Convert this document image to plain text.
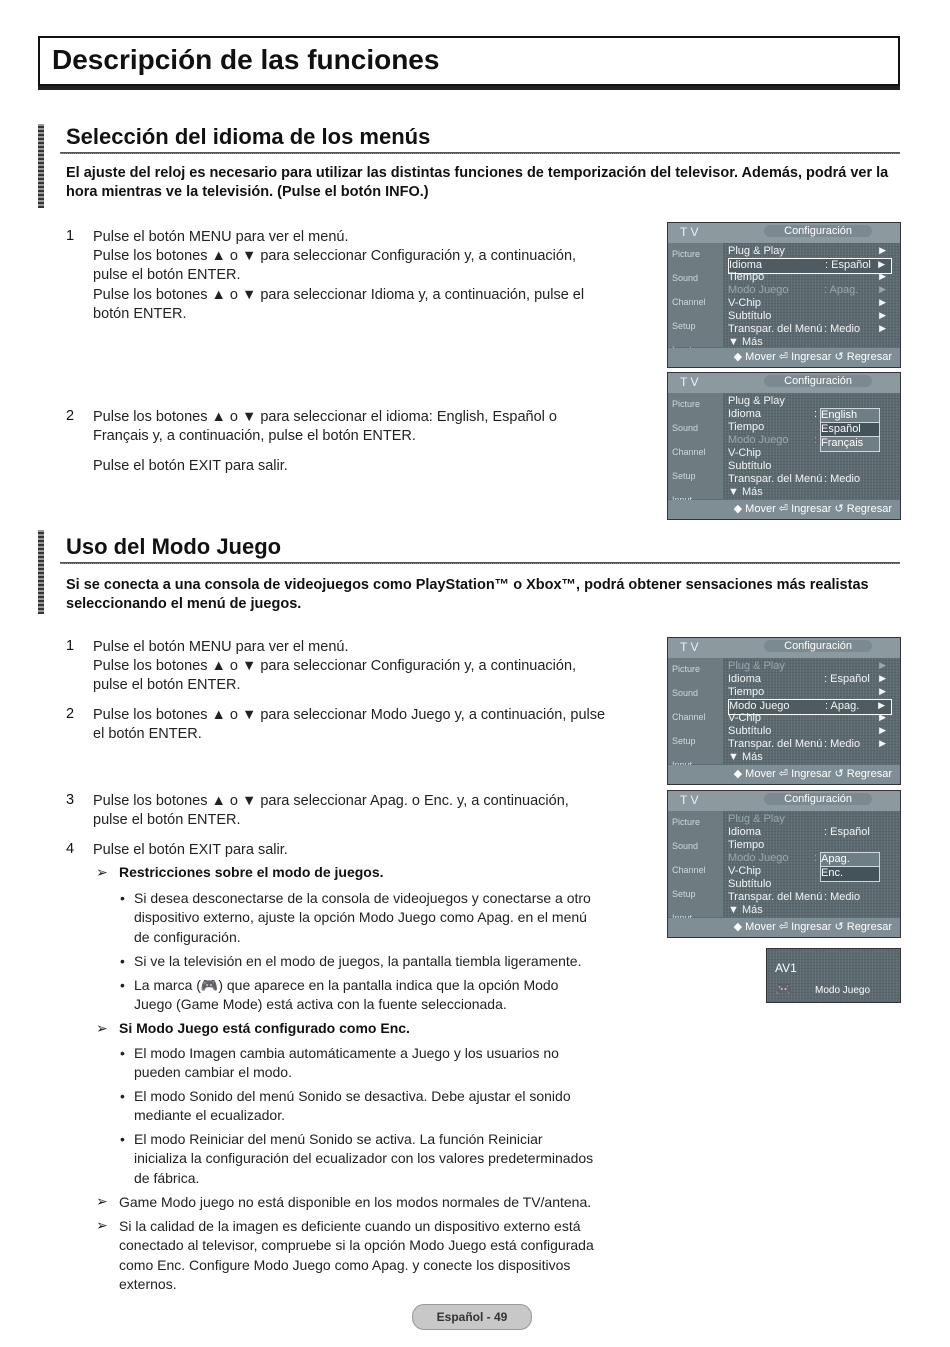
Descripción de las funciones
Selección del idioma de los menús
El ajuste del reloj es necesario para utilizar las distintas funciones de temporización del televisor. Además, podrá ver la hora mientras ve la televisión. (Pulse el botón INFO.)
1	Pulse el botón MENU para ver el menú.
Pulse los botones ▲ o ▼ para seleccionar Configuración y, a continuación,
pulse el botón ENTER.
Pulse los botones ▲ o ▼ para seleccionar Idioma y, a continuación, pulse el
botón ENTER.
2	Pulse los botones ▲ o ▼ para seleccionar el idioma: English, Español o
Français y, a continuación, pulse el botón ENTER.
Pulse el botón EXIT para salir.
T V	Configuración
Picture
Sound
Channel
Setup
Plug & Play	▶
Idioma	: Español ▶
Tiempo	▶
Modo Juego	: Apag. ▶
V-Chip	▶
Subtítulo	▶
Transpar. del Menú : Medio ▶
▼ Más
◆ Mover ⏎ Ingresar ↺ Regresar
T V	Configuración
Picture
Sound
Channel
Setup
Plug & Play
Idioma	:
Tiempo
Modo Juego :
V-Chip
Subtítulo
Transpar. del Menú : Medio
▼ Más
English
Español
Français
◆ Mover ⏎ Ingresar ↺ Regresar
Uso del Modo Juego
Si se conecta a una consola de videojuegos como PlayStation™ o Xbox™, podrá obtener sensaciones más realistas seleccionando el menú de juegos.
1	Pulse el botón MENU para ver el menú.
Pulse los botones ▲ o ▼ para seleccionar Configuración y, a continuación,
pulse el botón ENTER.
2	Pulse los botones ▲ o ▼ para seleccionar Modo Juego y, a continuación, pulse
el botón ENTER.
3	Pulse los botones ▲ o ▼ para seleccionar Apag. o Enc. y, a continuación,
pulse el botón ENTER.
4	Pulse el botón EXIT para salir.
➢ Restricciones sobre el modo de juegos.
• Si desea desconectarse de la consola de videojuegos y conectarse a otro
dispositivo externo, ajuste la opción Modo Juego como Apag. en el menú
de configuración.
• Si ve la televisión en el modo de juegos, la pantalla tiembla ligeramente.
• La marca (🎮) que aparece en la pantalla indica que la opción Modo
Juego (Game Mode) está activa con la fuente seleccionada.
➢ Si Modo Juego está configurado como Enc.
• El modo Imagen cambia automáticamente a Juego y los usuarios no
pueden cambiar el modo.
• El modo Sonido del menú Sonido se desactiva. Debe ajustar el sonido
mediante el ecualizador.
• El modo Reiniciar del menú Sonido se activa. La función Reiniciar
inicializa la configuración del ecualizador con los valores predeterminados
de fábrica.
➢ Game Modo juego no está disponible en los modos normales de TV/antena.
➢ Si la calidad de la imagen es deficiente cuando un dispositivo externo está
conectado al televisor, compruebe si la opción Modo Juego está configurada
como Enc. Configure Modo Juego como Apag. y conecte los dispositivos
externos.
T V	Configuración
Picture
Sound
Channel
Setup
Plug & Play	▶
Idioma	: Español ▶
Tiempo	▶
Modo Juego	: Apag. ▶
V-Chip	▶
Subtítulo	▶
Transpar. del Menú : Medio ▶
▼ Más
◆ Mover ⏎ Ingresar ↺ Regresar
T V	Configuración
Picture
Sound
Channel
Setup
Plug & Play
Idioma	: Español
Tiempo
Modo Juego :
V-Chip
Subtítulo
Transpar. del Menú : Medio
▼ Más
Apag.
Enc.
◆ Mover ⏎ Ingresar ↺ Regresar
AV1
🎮 Modo Juego
Español - 49
